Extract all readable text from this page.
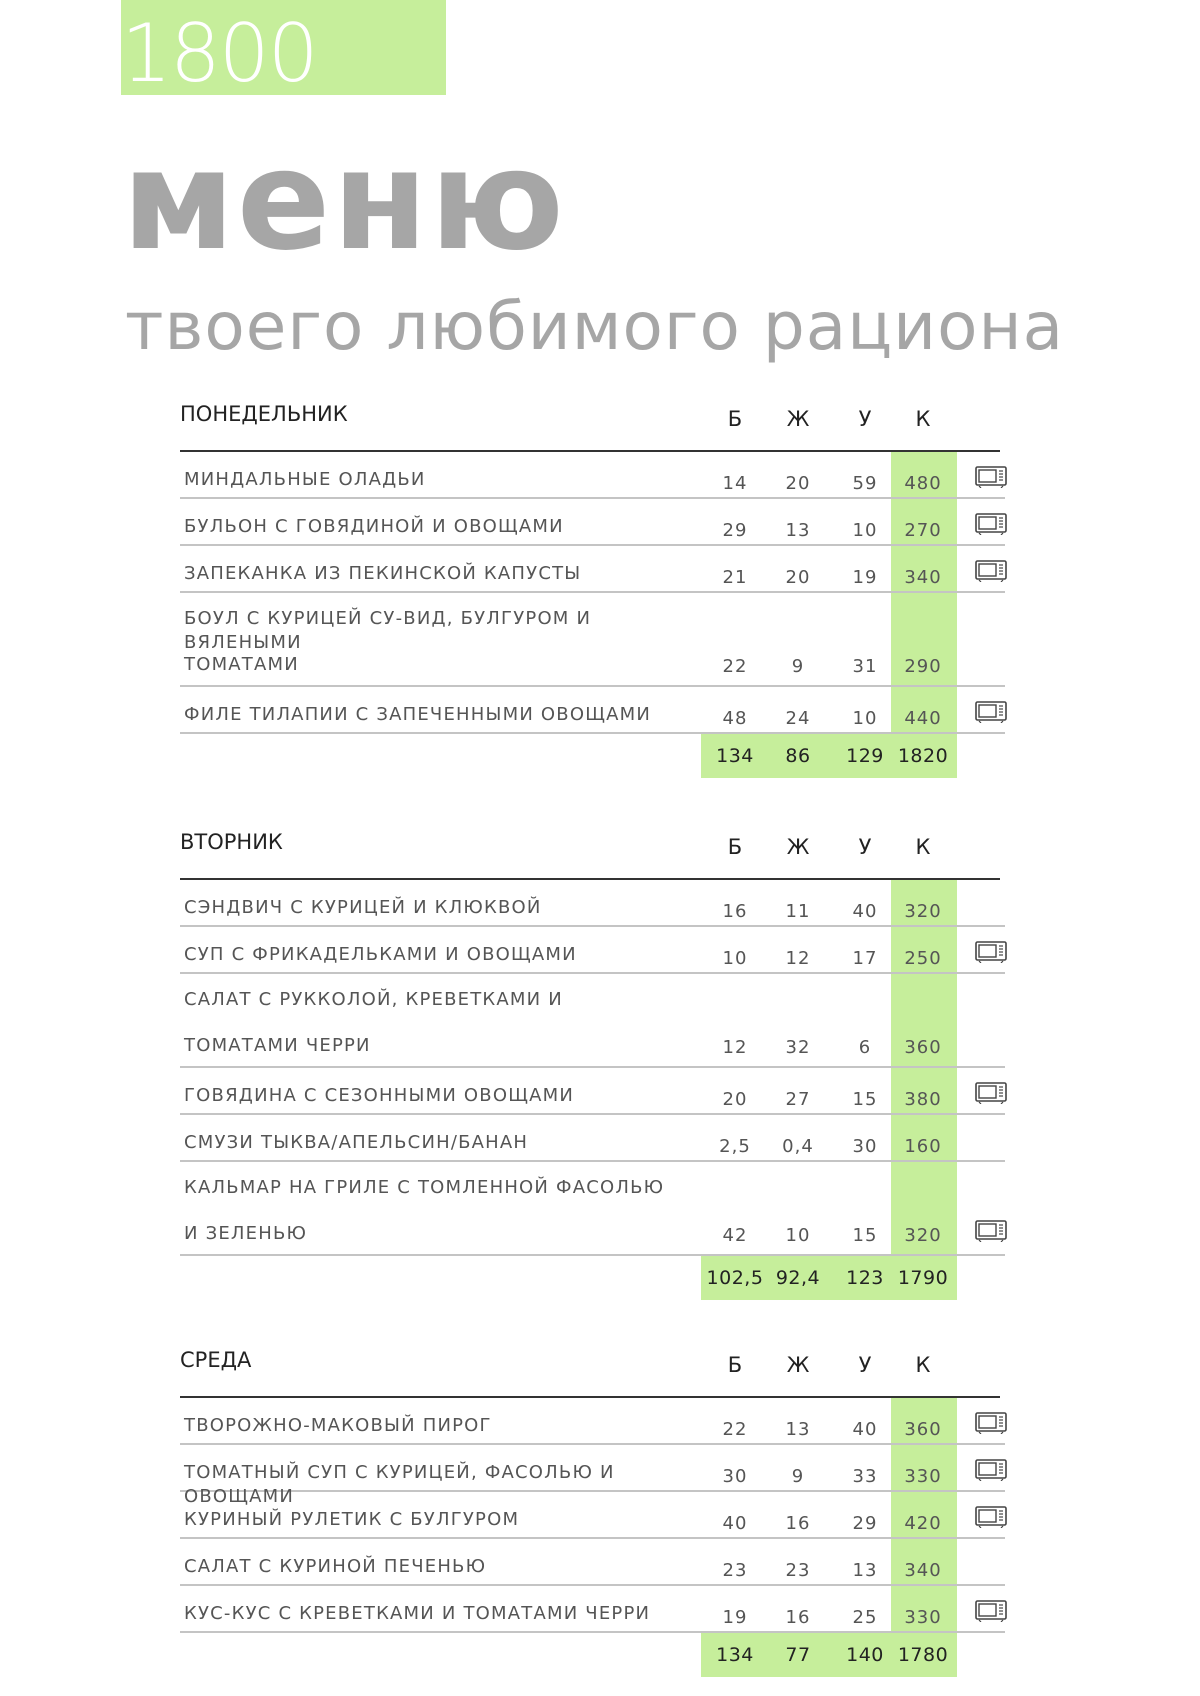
1800
меню
твоего любимого рациона
ПОНЕДЕЛЬНИК	Б	Ж	У	К
МИНДАЛЬНЫЕ ОЛАДЬИ	14	20	59	480
БУЛЬОН С ГОВЯДИНОЙ И ОВОЩАМИ	29	13	10	270
ЗАПЕКАНКА ИЗ ПЕКИНСКОЙ КАПУСТЫ	21	20	19	340
БОУЛ С КУРИЦЕЙ СУ-ВИД, БУЛГУРОМ И ВЯЛЕНЫМИ
ТОМАТАМИ	22	9	31	290
ФИЛЕ ТИЛАПИИ С ЗАПЕЧЕННЫМИ ОВОЩАМИ	48	24	10	440
134	86	129 1820
ВТОРНИК	Б	Ж	У	К
СЭНДВИЧ С КУРИЦЕЙ И КЛЮКВОЙ	16	11	40	320
СУП С ФРИКАДЕЛЬКАМИ И ОВОЩАМИ	10	12	17	250
САЛАТ С РУККОЛОЙ, КРЕВЕТКАМИ И
ТОМАТАМИ ЧЕРРИ	12	32	6	360
ГОВЯДИНА С СЕЗОННЫМИ ОВОЩАМИ	20	27	15	380
СМУЗИ ТЫКВА/АПЕЛЬСИН/БАНАН	2,5	0,4	30	160
КАЛЬМАР НА ГРИЛЕ С ТОМЛЕННОЙ ФАСОЛЬЮ
И ЗЕЛЕНЬЮ	42	10	15	320
102,5 92,4	123 1790
СРЕДА	Б	Ж	У	К
ТВОРОЖНО-МАКОВЫЙ ПИРОГ	22	13	40	360
ТОМАТНЫЙ СУП С КУРИЦЕЙ, ФАСОЛЬЮ И ОВОЩАМИ
30	9	33	330
КУРИНЫЙ РУЛЕТИК С БУЛГУРОМ	40	16	29	420
САЛАТ С КУРИНОЙ ПЕЧЕНЬЮ	23	23	13	340
КУС-КУС С КРЕВЕТКАМИ И ТОМАТАМИ ЧЕРРИ	19	16	25	330
134	77	140 1780
